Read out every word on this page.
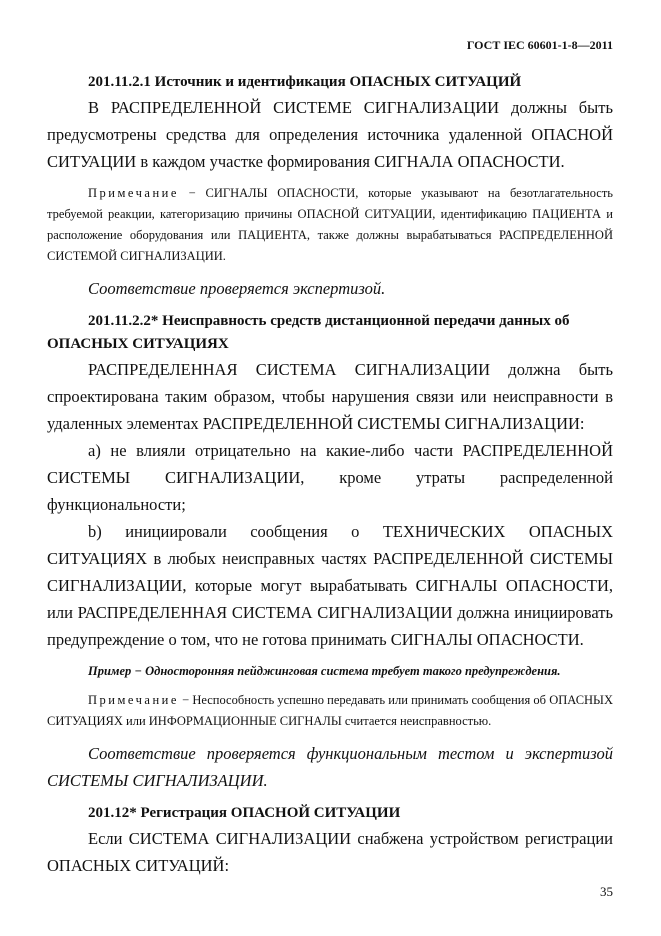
ГОСТ IEC 60601-1-8—2011
201.11.2.1 Источник и идентификация ОПАСНЫХ СИТУАЦИЙ
В РАСПРЕДЕЛЕННОЙ СИСТЕМЕ СИГНАЛИЗАЦИИ должны быть предусмотрены средства для определения источника удаленной ОПАСНОЙ СИТУАЦИИ в каждом участке формирования СИГНАЛА ОПАСНОСТИ.
Примечание − СИГНАЛЫ ОПАСНОСТИ, которые указывают на безотлагательность требуемой реакции, категоризацию причины ОПАСНОЙ СИТУАЦИИ, идентификацию ПАЦИЕНТА и расположение оборудования или ПАЦИЕНТА, также должны вырабатываться РАСПРЕДЕЛЕННОЙ СИСТЕМОЙ СИГНАЛИЗАЦИИ.
Соответствие проверяется экспертизой.
201.11.2.2* Неисправность средств дистанционной передачи данных об ОПАСНЫХ СИТУАЦИЯХ
РАСПРЕДЕЛЕННАЯ СИСТЕМА СИГНАЛИЗАЦИИ должна быть спроектирована таким образом, чтобы нарушения связи или неисправности в удаленных элементах РАСПРЕДЕЛЕННОЙ СИСТЕМЫ СИГНАЛИЗАЦИИ:
a) не влияли отрицательно на какие-либо части РАСПРЕДЕЛЕННОЙ СИСТЕМЫ СИГНАЛИЗАЦИИ, кроме утраты распределенной функциональности;
b) инициировали сообщения о ТЕХНИЧЕСКИХ ОПАСНЫХ СИТУАЦИЯХ в любых неисправных частях РАСПРЕДЕЛЕННОЙ СИСТЕМЫ СИГНАЛИЗАЦИИ, которые могут вырабатывать СИГНАЛЫ ОПАСНОСТИ, или РАСПРЕДЕЛЕННАЯ СИСТЕМА СИГНАЛИЗАЦИИ должна инициировать предупреждение о том, что не готова принимать СИГНАЛЫ ОПАСНОСТИ.
Пример − Односторонняя пейджинговая система требует такого предупреждения.
Примечание − Неспособность успешно передавать или принимать сообщения об ОПАСНЫХ СИТУАЦИЯХ или ИНФОРМАЦИОННЫЕ СИГНАЛЫ считается неисправностью.
Соответствие проверяется функциональным тестом и экспертизой СИСТЕМЫ СИГНАЛИЗАЦИИ.
201.12* Регистрация ОПАСНОЙ СИТУАЦИИ
Если СИСТЕМА СИГНАЛИЗАЦИИ снабжена устройством регистрации ОПАСНЫХ СИТУАЦИЙ:
35
